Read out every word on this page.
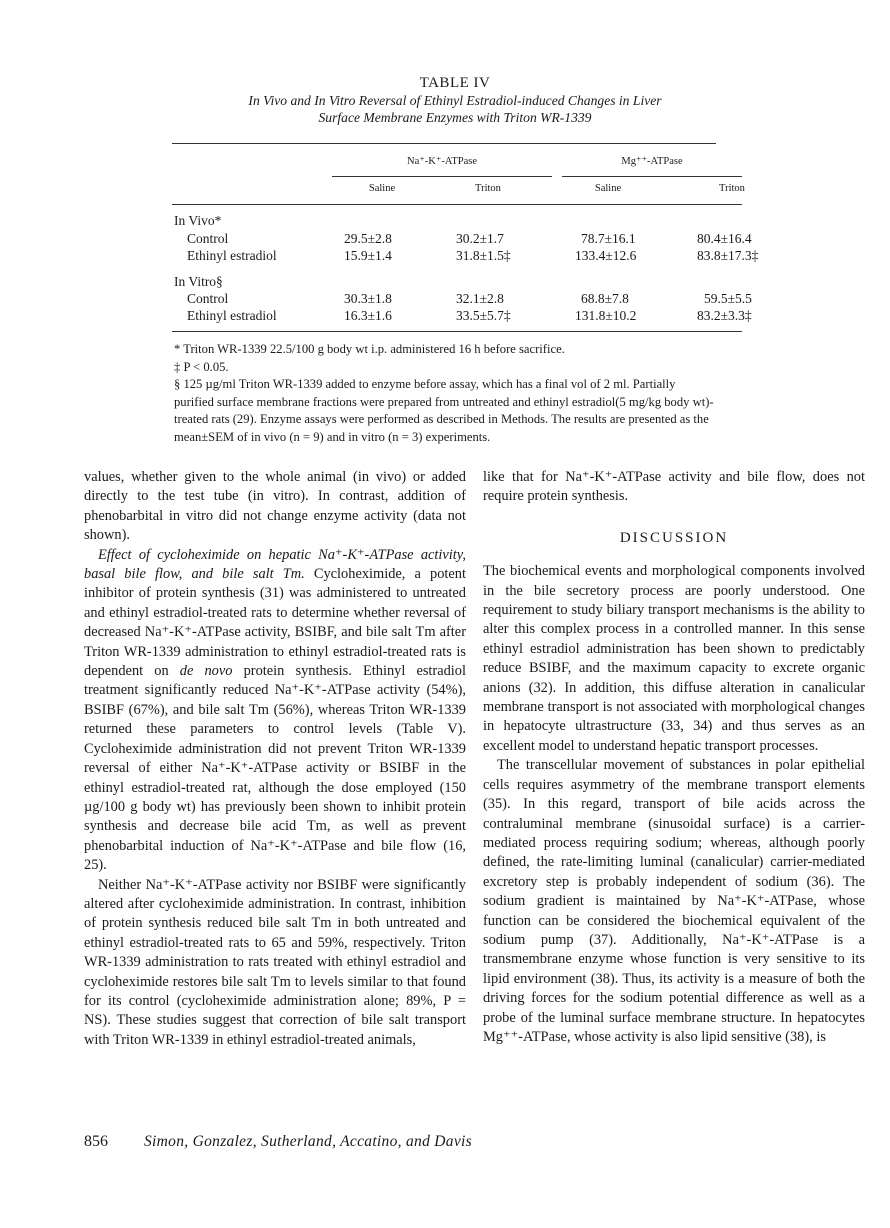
TABLE IV
In Vivo and In Vitro Reversal of Ethinyl Estradiol-induced Changes in Liver
Surface Membrane Enzymes with Triton WR-1339
Na⁺-K⁺-ATPase	Mg⁺⁺-ATPase
Saline	Triton	Saline	Triton
In Vivo*
Control	29.5±2.8	30.2±1.7	78.7±16.1	80.4±16.4
Ethinyl estradiol	15.9±1.4	31.8±1.5‡	133.4±12.6	83.8±17.3‡
In Vitro§
Control	30.3±1.8	32.1±2.8	68.8±7.8	59.5±5.5
Ethinyl estradiol	16.3±1.6	33.5±5.7‡	131.8±10.2	83.2±3.3‡

* Triton WR-1339 22.5/100 g body wt i.p. administered 16 h before sacrifice.

‡ P < 0.05.

§ 125 µg/ml Triton WR-1339 added to enzyme before assay, which has a final vol of 2 ml. Partially purified surface membrane fractions were prepared from untreated and ethinyl estradiol(5 mg/kg body wt)-treated rats (29). Enzyme assays were performed as described in Methods. The results are presented as the mean±SEM of in vivo (n = 9) and in vitro (n = 3) experiments.

values, whether given to the whole animal (in vivo) or added directly to the test tube (in vitro). In contrast, addition of phenobarbital in vitro did not change enzyme activity (data not shown).

Effect of cycloheximide on hepatic Na⁺-K⁺-ATPase activity, basal bile flow, and bile salt Tm. Cycloheximide, a potent inhibitor of protein synthesis (31) was administered to untreated and ethinyl estradiol-treated rats to determine whether reversal of decreased Na⁺-K⁺-ATPase activity, BSIBF, and bile salt Tm after Triton WR-1339 administration to ethinyl estradiol-treated rats is dependent on de novo protein synthesis. Ethinyl estradiol treatment significantly reduced Na⁺-K⁺-ATPase activity (54%), BSIBF (67%), and bile salt Tm (56%), whereas Triton WR-1339 returned these parameters to control levels (Table V). Cycloheximide administration did not prevent Triton WR-1339 reversal of either Na⁺-K⁺-ATPase activity or BSIBF in the ethinyl estradiol-treated rat, although the dose employed (150 µg/100 g body wt) has previously been shown to inhibit protein synthesis and decrease bile acid Tm, as well as prevent phenobarbital induction of Na⁺-K⁺-ATPase and bile flow (16, 25).

Neither Na⁺-K⁺-ATPase activity nor BSIBF were significantly altered after cycloheximide administration. In contrast, inhibition of protein synthesis reduced bile salt Tm in both untreated and ethinyl estradiol-treated rats to 65 and 59%, respectively. Triton WR-1339 administration to rats treated with ethinyl estradiol and cycloheximide restores bile salt Tm to levels similar to that found for its control (cycloheximide administration alone; 89%, P = NS). These studies suggest that correction of bile salt transport with Triton WR-1339 in ethinyl estradiol-treated animals,

like that for Na⁺-K⁺-ATPase activity and bile flow, does not require protein synthesis.

DISCUSSION

The biochemical events and morphological components involved in the bile secretory process are poorly understood. One requirement to study biliary transport mechanisms is the ability to alter this complex process in a controlled manner. In this sense ethinyl estradiol administration has been shown to predictably reduce BSIBF, and the maximum capacity to excrete organic anions (32). In addition, this diffuse alteration in canalicular membrane transport is not associated with morphological changes in hepatocyte ultrastructure (33, 34) and thus serves as an excellent model to understand hepatic transport processes.

The transcellular movement of substances in polar epithelial cells requires asymmetry of the membrane transport elements (35). In this regard, transport of bile acids across the contraluminal membrane (sinusoidal surface) is a carrier-mediated process requiring sodium; whereas, although poorly defined, the rate-limiting luminal (canalicular) carrier-mediated excretory step is probably independent of sodium (36). The sodium gradient is maintained by Na⁺-K⁺-ATPase, whose function can be considered the biochemical equivalent of the sodium pump (37). Additionally, Na⁺-K⁺-ATPase is a transmembrane enzyme whose function is very sensitive to its lipid environment (38). Thus, its activity is a measure of both the driving forces for the sodium potential difference as well as a probe of the luminal surface membrane structure. In hepatocytes Mg⁺⁺-ATPase, whose activity is also lipid sensitive (38), is

856 Simon, Gonzalez, Sutherland, Accatino, and Davis
